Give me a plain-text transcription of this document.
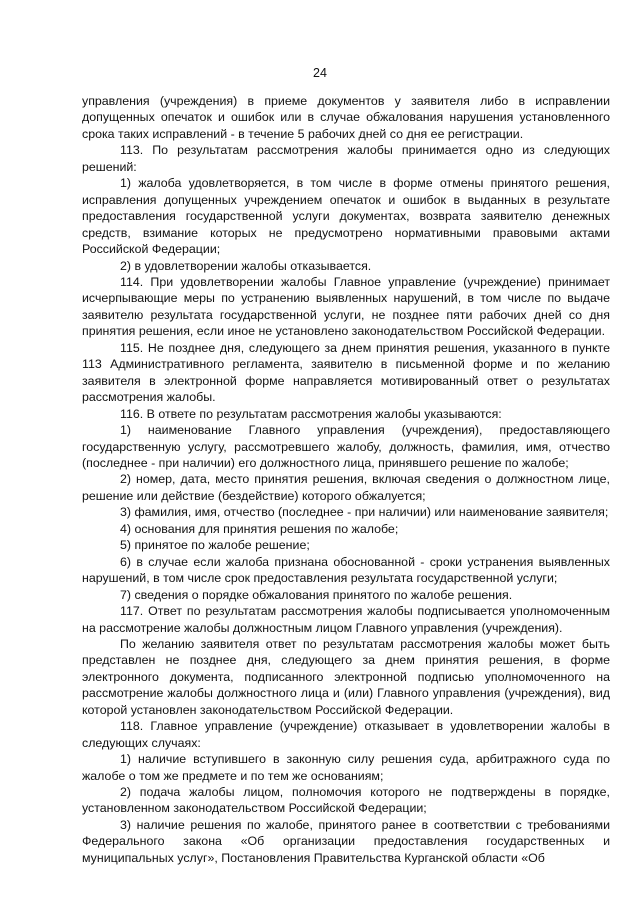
24

управления (учреждения) в приеме документов у заявителя либо в исправлении допущенных опечаток и ошибок или в случае обжалования нарушения установленного срока таких исправлений - в течение 5 рабочих дней со дня ее регистрации.

113. По результатам рассмотрения жалобы принимается одно из следующих решений:

1) жалоба удовлетворяется, в том числе в форме отмены принятого решения, исправления допущенных учреждением опечаток и ошибок в выданных в результате предоставления государственной услуги документах, возврата заявителю денежных средств, взимание которых не предусмотрено нормативными правовыми актами Российской Федерации;

2) в удовлетворении жалобы отказывается.

114. При удовлетворении жалобы Главное управление (учреждение) принимает исчерпывающие меры по устранению выявленных нарушений, в том числе по выдаче заявителю результата государственной услуги, не позднее пяти рабочих дней со дня принятия решения, если иное не установлено законодательством Российской Федерации.

115. Не позднее дня, следующего за днем принятия решения, указанного в пункте 113 Административного регламента, заявителю в письменной форме и по желанию заявителя в электронной форме направляется мотивированный ответ о результатах рассмотрения жалобы.

116. В ответе по результатам рассмотрения жалобы указываются:

1) наименование Главного управления (учреждения), предоставляющего государственную услугу, рассмотревшего жалобу, должность, фамилия, имя, отчество (последнее - при наличии) его должностного лица, принявшего решение по жалобе;

2) номер, дата, место принятия решения, включая сведения о должностном лице, решение или действие (бездействие) которого обжалуется;

3) фамилия, имя, отчество (последнее - при наличии) или наименование заявителя;

4) основания для принятия решения по жалобе;

5) принятое по жалобе решение;

6) в случае если жалоба признана обоснованной - сроки устранения выявленных нарушений, в том числе срок предоставления результата государственной услуги;

7) сведения о порядке обжалования принятого по жалобе решения.

117. Ответ по результатам рассмотрения жалобы подписывается уполномоченным на рассмотрение жалобы должностным лицом Главного управления (учреждения).

По желанию заявителя ответ по результатам рассмотрения жалобы может быть представлен не позднее дня, следующего за днем принятия решения, в форме электронного документа, подписанного электронной подписью уполномоченного на рассмотрение жалобы должностного лица и (или) Главного управления (учреждения), вид которой установлен законодательством Российской Федерации.

118. Главное управление (учреждение) отказывает в удовлетворении жалобы в следующих случаях:

1) наличие вступившего в законную силу решения суда, арбитражного суда по жалобе о том же предмете и по тем же основаниям;

2) подача жалобы лицом, полномочия которого не подтверждены в порядке, установленном законодательством Российской Федерации;

3) наличие решения по жалобе, принятого ранее в соответствии с требованиями Федерального закона «Об организации предоставления государственных и муниципальных услуг», Постановления Правительства Курганской области «Об
